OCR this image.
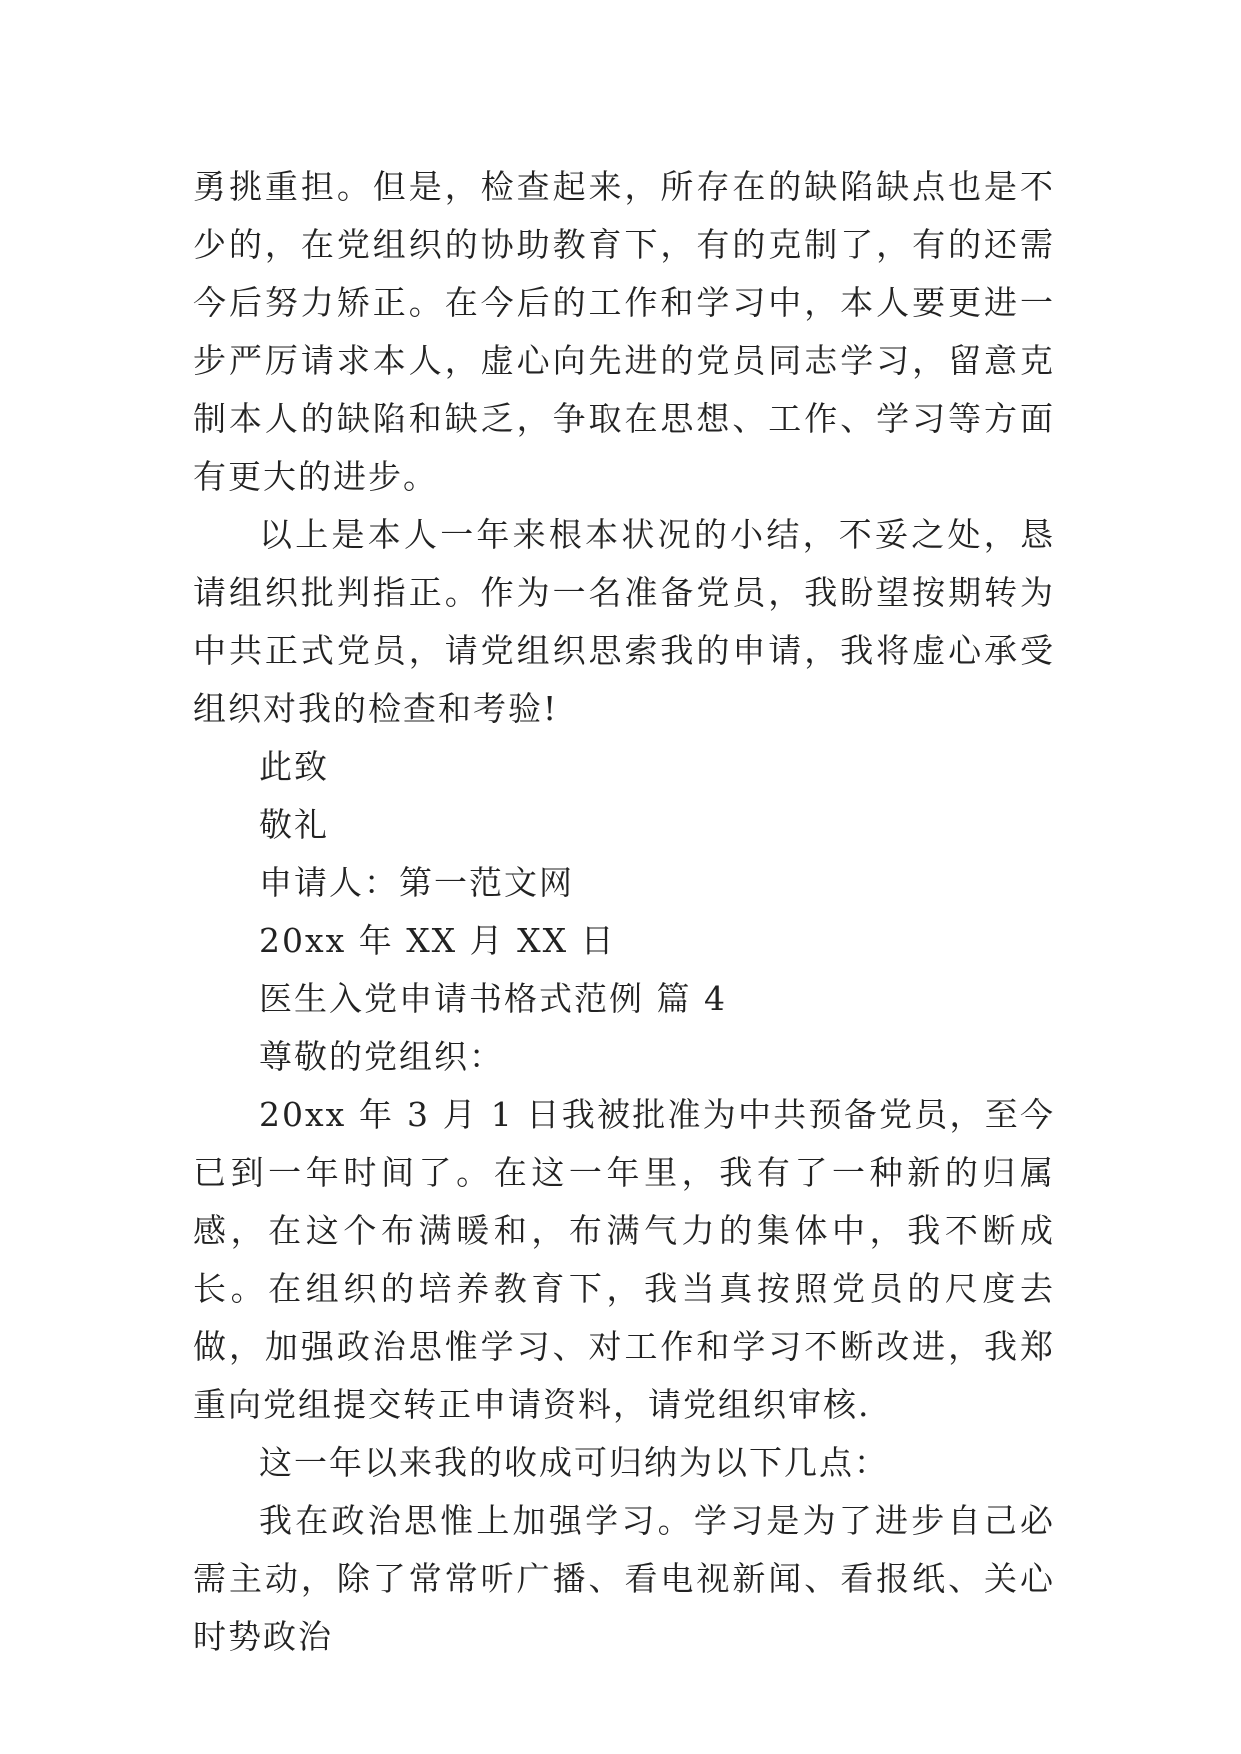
勇挑重担。但是，检查起来，所存在的缺陷缺点也是不少的，在党组织的协助教育下，有的克制了，有的还需今后努力矫正。在今后的工作和学习中，本人要更进一步严厉请求本人，虚心向先进的党员同志学习，留意克制本人的缺陷和缺乏，争取在思想、工作、学习等方面有更大的进步。

以上是本人一年来根本状况的小结，不妥之处，恳请组织批判指正。作为一名准备党员，我盼望按期转为中共正式党员，请党组织思索我的申请，我将虚心承受组织对我的检查和考验!

此致

敬礼

申请人：第一范文网

20xx 年 XX 月 XX 日

医生入党申请书格式范例 篇 4

尊敬的党组织：

20xx 年 3 月 1 日我被批准为中共预备党员，至今已到一年时间了。在这一年里，我有了一种新的归属感，在这个布满暖和，布满气力的集体中，我不断成长。在组织的培养教育下，我当真按照党员的尺度去做，加强政治思惟学习、对工作和学习不断改进，我郑重向党组提交转正申请资料，请党组织审核.

这一年以来我的收成可归纳为以下几点：

我在政治思惟上加强学习。学习是为了进步自己必需主动，除了常常听广播、看电视新闻、看报纸、关心时势政治
